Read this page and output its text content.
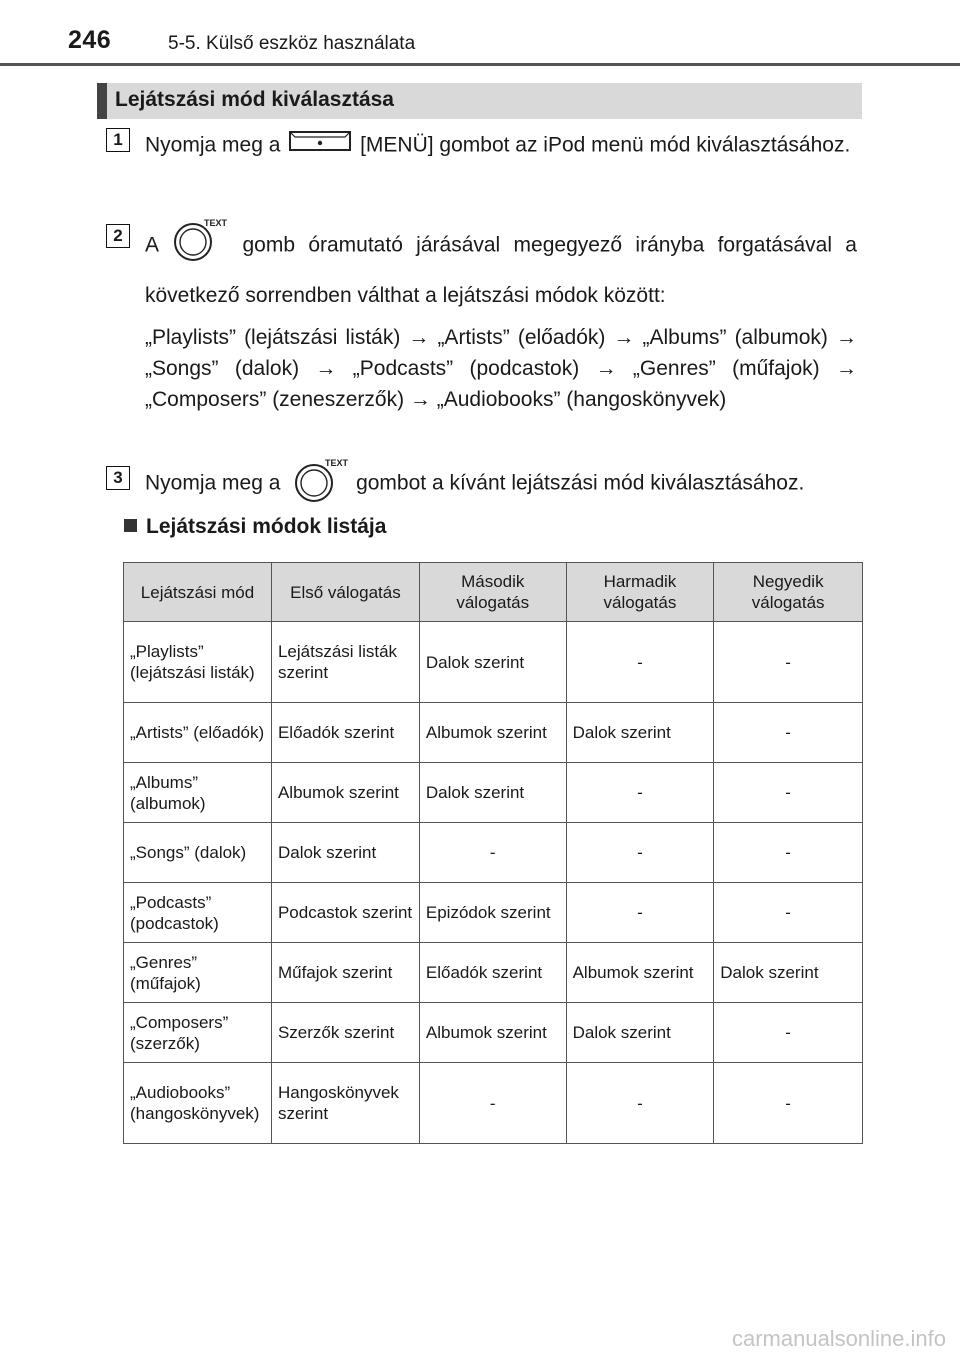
246	5-5. Külső eszköz használata
Lejátszási mód kiválasztása
1	Nyomja meg a	[MENÜ] gombot az iPod menü mód kiválasztásához.
2	A
TEXT
gomb óramutató járásával megegyező irányba forgatásával a következő sorrendben válthat a lejátszási módok között:
„Playlists” (lejátszási listák) → „Artists” (előadók) → „Albums” (albumok) → „Songs” (dalok) → „Podcasts” (podcastok) → „Genres” (műfajok) → „Composers” (zeneszerzők) → „Audiobooks” (hangoskönyvek)
3	Nyomja meg a
TEXT
gombot a kívánt lejátszási mód kiválasztásához.
Lejátszási módok listája
Lejátszási mód	Első válogatás	Második válogatás	Harmadik válogatás	Negyedik válogatás
„Playlists” (lejátszási listák)	Lejátszási listák szerint	Dalok szerint	-	-
„Artists” (előadók)	Előadók szerint	Albumok szerint	Dalok szerint	-
„Albums” (albumok)	Albumok szerint	Dalok szerint	-	-
„Songs” (dalok)	Dalok szerint	-	-	-
„Podcasts” (podcastok)	Podcastok szerint	Epizódok szerint	-	-
„Genres” (műfajok)	Műfajok szerint	Előadók szerint	Albumok szerint	Dalok szerint
„Composers” (szerzők)	Szerzők szerint	Albumok szerint	Dalok szerint	-
„Audiobooks” (hangoskönyvek)	Hangoskönyvek szerint	-	-	-
carmanualsonline.info
